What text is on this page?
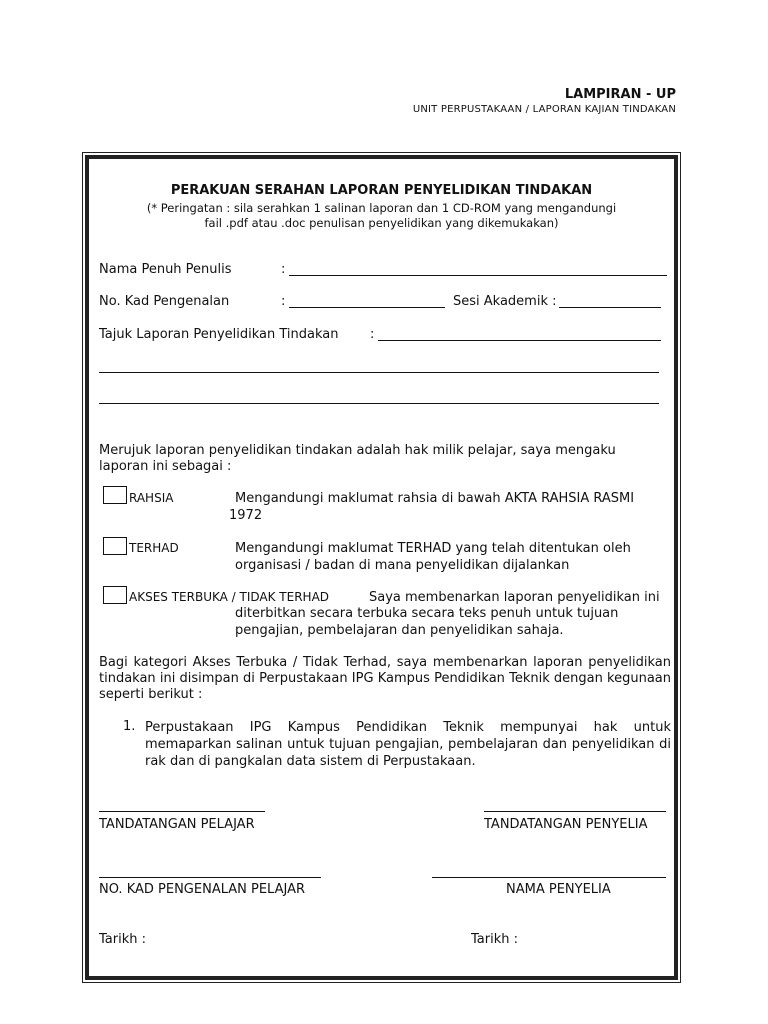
LAMPIRAN - UP
UNIT PERPUSTAKAAN / LAPORAN KAJIAN TINDAKAN
PERAKUAN SERAHAN LAPORAN PENYELIDIKAN TINDAKAN
(* Peringatan : sila serahkan 1 salinan laporan dan 1 CD-ROM yang mengandungi
fail .pdf atau .doc penulisan penyelidikan yang dikemukakan)
Nama Penuh Penulis	:
No. Kad Pengenalan	:	Sesi Akademik :
Tajuk Laporan Penyelidikan Tindakan :
Merujuk laporan penyelidikan tindakan adalah hak milik pelajar, saya mengaku laporan ini sebagai :
RAHSIA	Mengandungi maklumat rahsia di bawah AKTA RAHSIA RASMI
1972
TERHAD	Mengandungi maklumat TERHAD yang telah ditentukan oleh
organisasi / badan di mana penyelidikan dijalankan
AKSES TERBUKA / TIDAK TERHAD	Saya membenarkan laporan penyelidikan ini
diterbitkan secara terbuka secara teks penuh untuk tujuan
pengajian, pembelajaran dan penyelidikan sahaja.
Bagi kategori Akses Terbuka / Tidak Terhad, saya membenarkan laporan penyelidikan tindakan ini disimpan di Perpustakaan IPG Kampus Pendidikan Teknik dengan kegunaan seperti berikut :
1. Perpustakaan IPG Kampus Pendidikan Teknik mempunyai hak untuk memaparkan salinan untuk tujuan pengajian, pembelajaran dan penyelidikan di rak dan di pangkalan data sistem di Perpustakaan.
TANDATANGAN PELAJAR	TANDATANGAN PENYELIA
NO. KAD PENGENALAN PELAJAR	NAMA PENYELIA
Tarikh :	Tarikh :
